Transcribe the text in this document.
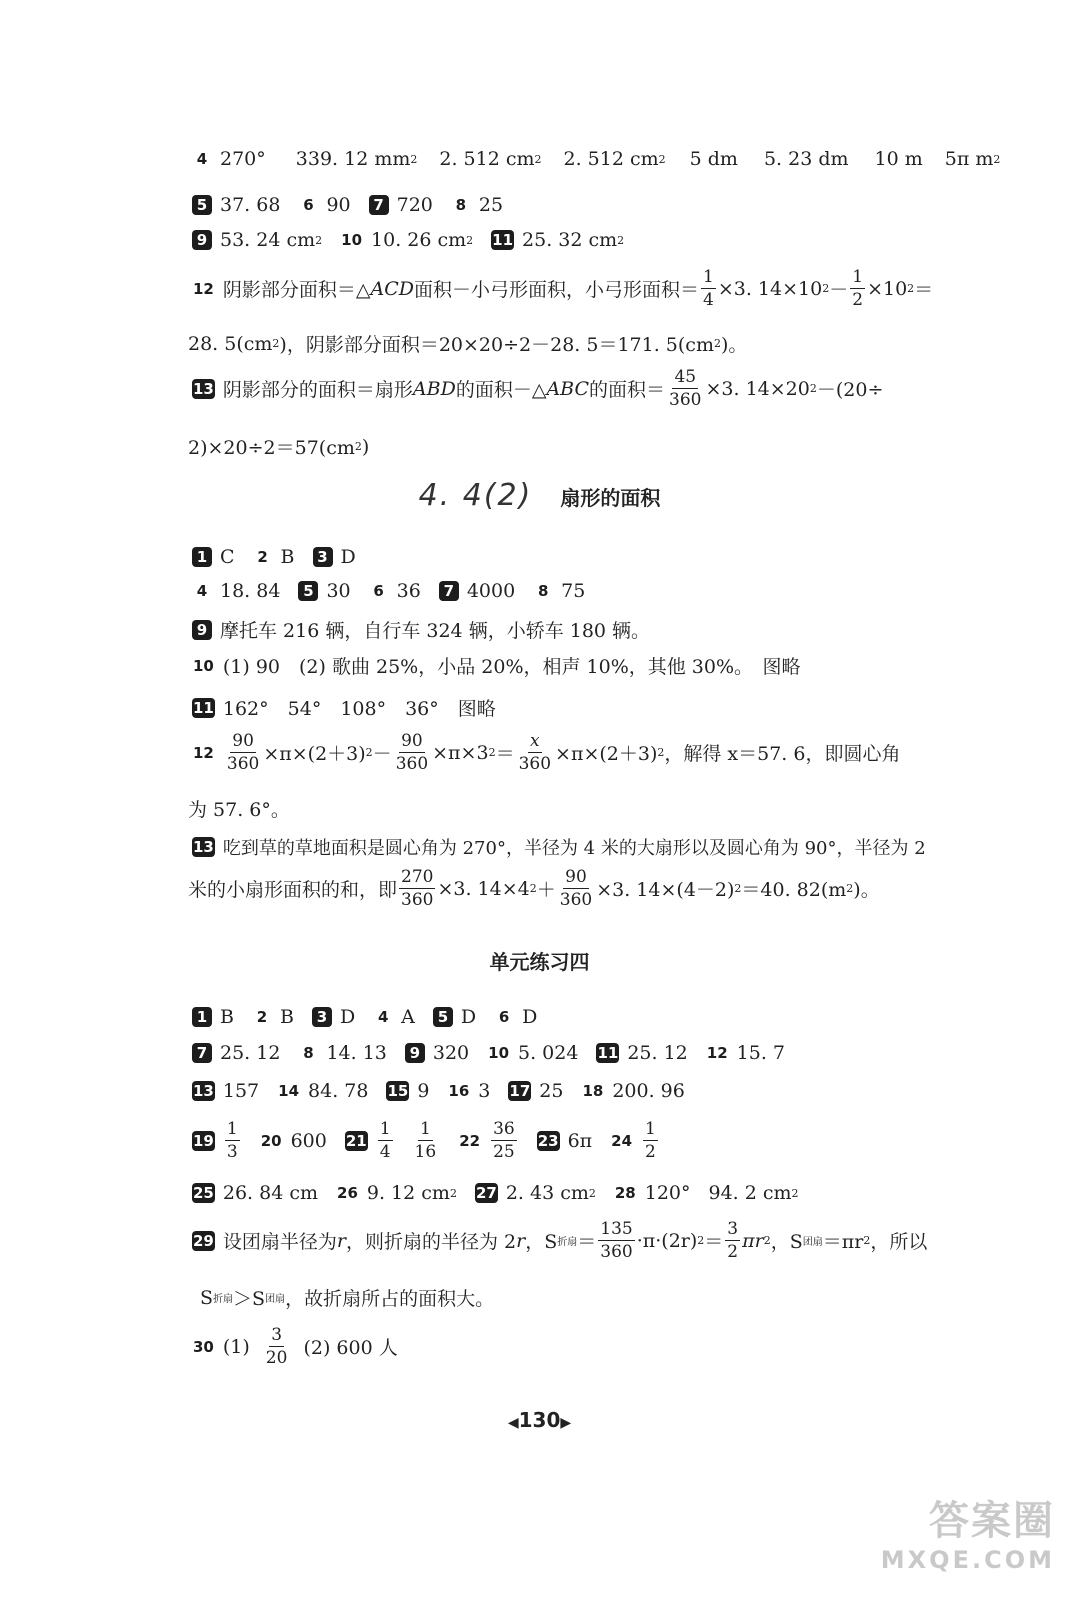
4 270° 339. 12 mm 2 2. 512 cm 2 2. 512 cm 2 5 dm 5. 23 dm 10 m 5π m 2
5 37. 68	6 90	7 720	8 25
9 53. 24 cm 2 10 10. 26 cm 2 11 25. 32 cm 2
12 阴影部分面积＝△ ACD 面积－小弓形面积，小弓形面积＝ $\frac{1}{4} \times 3$. 14×10 $2 - \frac{1}{2} \times 10$ 2 ＝
28. 5(cm 2 )，阴影部分面积＝20×20÷2－28. 5＝171. 5(cm 2 )。
13 阴影部分的面积＝扇形 ABD 的面积－△ ABC 的面积＝ $\frac{45}{360} \times 3$. 14×20 2 －(20÷
2)×20÷2＝57(cm 2 )
4. 4(2) 扇形的面积
1 C	2 B	3 D
4 18. 84	5 30	6 36	7 4000	8 75
9 摩托车 216 辆，自行车 324 辆，小轿车 180 辆。
10 (1) 90　(2) 歌曲 25%，小品 20%，相声 10%，其他 30%。　图略
11 162°　54°　108°　36°　图略
$12 \frac{90}{360} \times\pi\times(2+3) 2 - \frac{90}{360} \times\pi\times 3$ $2 = \frac{x}{360} \times\pi\times(2+3)$ 2 ，解得 x＝57. 6，即圆心角
为 57. 6°。
13 吃到草的草地面积是圆心角为 270°，半径为 4 米的大扇形以及圆心角为 90°，半径为 2
米的小扇形面积的和，即 $\frac{270}{360} \times 3$. 14×4 $2 + \frac{90}{360} \times 3$. 14×(4－2) 2 ＝40. 82(m 2 )。
单元练习四
1 B	2 B	3 D	4 A	5 D	6 D
7 25. 12	8 14. 13	9 320 10 5. 024 11 25. 12 12 15. 7
13 157 14 84. 78 15 9 16 3 17 25 18 200. 96
$19 \frac{1}{3} 20$ 600 $21 \frac{1}{4} \frac{1}{16} 22 \frac{36}{25} 23$ 6π $24 \frac{1}{2}$
25 26. 84 cm 26 9. 12 cm 2 27 2. 43 cm 2 28 120° 94. 2 cm 2
29 设团扇半径为 r ，则折扇的半径为 2 r ，S 折扇 ＝ $\frac{135}{360} \cdot\pi\cdot(2r) 2 = \frac{3}{2}$ πr 2 ，S 团扇 ＝πr 2 ，所以
S 折扇 ＞S 团扇 ，故折扇所占的面积大。
30 $(1) \frac{3}{20} (2)$ 600 人
◀130▶
答案圈
MXQE.COM
